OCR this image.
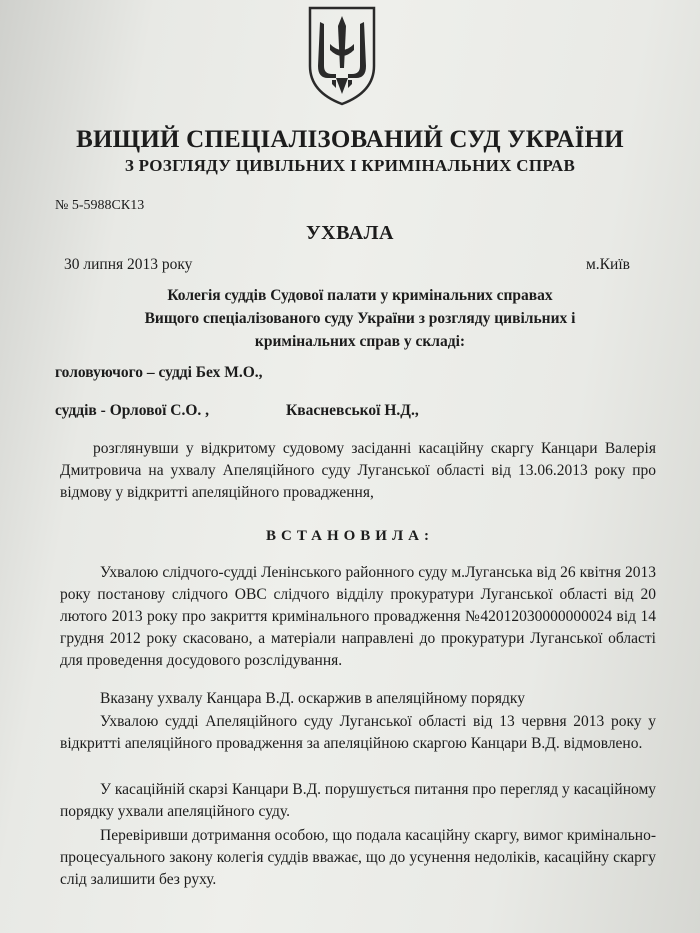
ВИЩИЙ СПЕЦІАЛІЗОВАНИЙ СУД УКРАЇНИ
З РОЗГЛЯДУ ЦИВІЛЬНИХ І КРИМІНАЛЬНИХ СПРАВ
№ 5-5988СК13
УХВАЛА
30 липня 2013 року	м.Київ
Колегія суддів Судової палати у кримінальних справах
Вищого спеціалізованого суду України з розгляду цивільних і
кримінальних справ у складі:
головуючого – судді Бех М.О.,
суддів - Орлової С.О. ,	Квасневської Н.Д.,
розглянувши у відкритому судовому засіданні касаційну скаргу Канцари Валерія Дмитровича на ухвалу Апеляційного суду Луганської області від 13.06.2013 року про відмову у відкритті апеляційного провадження,
ВСТАНОВИЛА:
Ухвалою слідчого-судді Ленінського районного суду м.Луганська від 26 квітня 2013 року постанову слідчого ОВС слідчого відділу прокуратури Луганської області від 20 лютого 2013 року про закриття кримінального провадження №42012030000000024 від 14 грудня 2012 року скасовано, а матеріали направлені до прокуратури Луганської області для проведення досудового розслідування.
Вказану ухвалу Канцара В.Д. оскаржив в апеляційному порядку
Ухвалою судді Апеляційного суду Луганської області від 13 червня 2013 року у відкритті апеляційного провадження за апеляційною скаргою Канцари В.Д. відмовлено.
У касаційній скарзі Канцари В.Д. порушується питання про перегляд у касаційному порядку ухвали апеляційного суду.
Перевіривши дотримання особою, що подала касаційну скаргу, вимог кримінально-процесуального закону колегія суддів вважає, що до усунення недоліків, касаційну скаргу слід залишити без руху.
